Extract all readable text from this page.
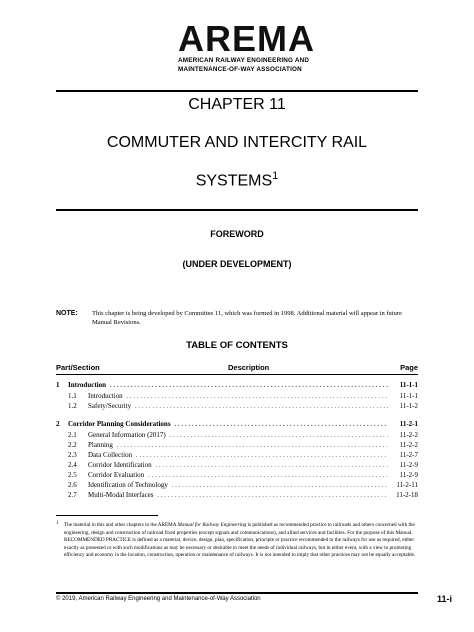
AREMA
AMERICAN RAILWAY ENGINEERING AND
MAINTENANCE-OF-WAY ASSOCIATION
CHAPTER 11
COMMUTER AND INTERCITY RAIL
SYSTEMS$^1$
FOREWORD
(UNDER DEVELOPMENT)
NOTE: This chapter is being developed by Committee 11, which was formed in 1998. Additional material will appear in future Manual Revisions.
TABLE OF CONTENTS
Part/Section	Description	Page
1 Introduction . . .	11-1-1
1.1 Introduction . . .	11-1-1
1.2 Safety/Security . . .	11-1-2
2 Corridor Planning Considerations . . .	11-2-1
2.1 General Information (2017) . . .	11-2-2
2.2 Planning . . .	11-2-2
2.3 Data Collection . . .	11-2-7
2.4 Corridor Identification . . .	11-2-9
2.5 Corridor Evaluation . . .	11-2-9
2.6 Identification of Technology . . .	11-2-11
2.7 Multi-Modal Interfaces . . .	11-2-18
1 The material in this and other chapters in the AREMA Manual for Railway Engineering is published as recommended practice to railroads and others concerned with the engineering, design and construction of railroad fixed properties (except signals and communications), and allied services and facilities. For the purpose of this Manual, RECOMMENDED PRACTICE is defined as a material, device, design, plan, specification, principle or practice recommended to the railways for use as required, either exactly as presented or with such modifications as may be necessary or desirable to meet the needs of individual railways, but in either event, with a view to promoting efficiency and economy in the location, construction, operation or maintenance of railways. It is not intended to imply that other practices may not be equally acceptable.
© 2019, American Railway Engineering and Maintenance-of-Way Association	11-i
